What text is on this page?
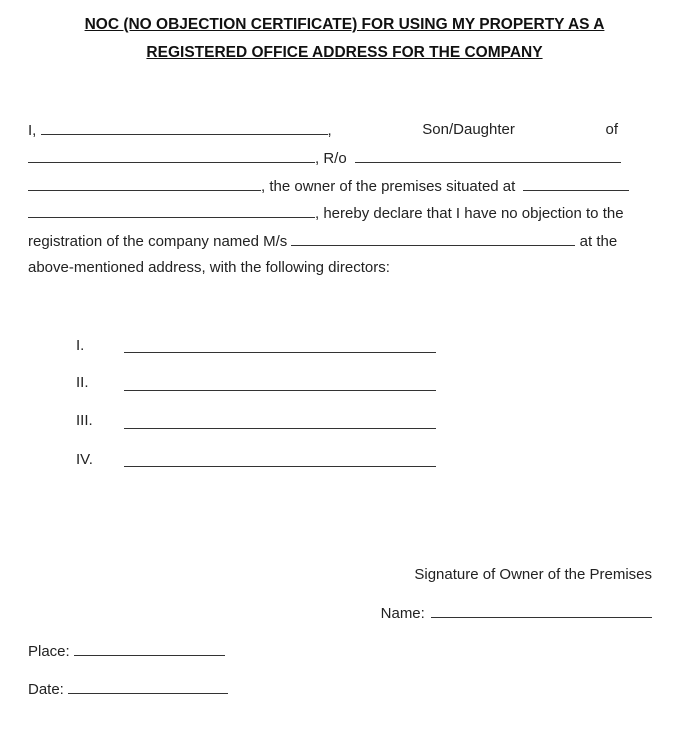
NOC (NO OBJECTION CERTIFICATE) FOR USING MY PROPERTY AS A

REGISTERED OFFICE ADDRESS FOR THE COMPANY

I,	,	Son/Daughter	of
, R/o
, the owner of the premises situated at
, hereby declare that I have no objection to the
registration of the company named M/s	at the
above-mentioned address, with the following directors:
I.
II.
III.
IV.
Signature of Owner of the Premises
Name:
Place:
Date:
